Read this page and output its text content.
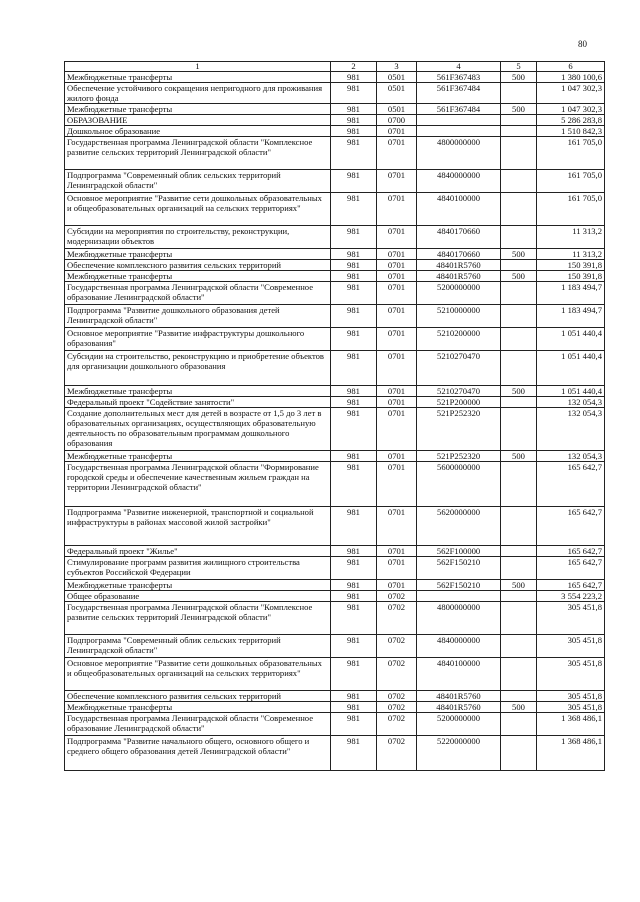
80
1	2	3	4	5	6
Межбюджетные трансферты	981	0501	561F367483	500	1 380 100,6
Обеспечение устойчивого сокращения непригодного для проживания жилого фонда	981	0501	561F367484		1 047 302,3
Межбюджетные трансферты	981	0501	561F367484	500	1 047 302,3
ОБРАЗОВАНИЕ	981	0700			5 286 283,8
Дошкольное образование	981	0701			1 510 842,3
Государственная программа Ленинградской области "Комплексное развитие сельских территорий Ленинградской области"	981	0701	4800000000		161 705,0
Подпрограмма "Современный облик сельских территорий Ленинградской области"	981	0701	4840000000		161 705,0
Основное мероприятие "Развитие сети дошкольных образовательных и общеобразовательных организаций на сельских территориях"	981	0701	4840100000		161 705,0
Субсидии на мероприятия по строительству, реконструкции, модернизации объектов	981	0701	4840170660		11 313,2
Межбюджетные трансферты	981	0701	4840170660	500	11 313,2
Обеспечение комплексного развития сельских территорий	981	0701	48401R5760		150 391,8
Межбюджетные трансферты	981	0701	48401R5760	500	150 391,8
Государственная программа Ленинградской области "Современное образование Ленинградской области"	981	0701	5200000000		1 183 494,7
Подпрограмма "Развитие дошкольного образования детей Ленинградской области"	981	0701	5210000000		1 183 494,7
Основное мероприятие "Развитие инфраструктуры дошкольного образования"	981	0701	5210200000		1 051 440,4
Субсидии на строительство, реконструкцию и приобретение объектов для организации дошкольного образования	981	0701	5210270470		1 051 440,4
Межбюджетные трансферты	981	0701	5210270470	500	1 051 440,4
Федеральный проект "Содействие занятости"	981	0701	521P200000		132 054,3
Создание дополнительных мест для детей в возрасте от 1,5 до 3 лет в образовательных организациях, осуществляющих образовательную деятельность по образовательным программам дошкольного образования	981	0701	521P252320		132 054,3
Межбюджетные трансферты	981	0701	521P252320	500	132 054,3
Государственная программа Ленинградской области "Формирование городской среды и обеспечение качественным жильем граждан на территории Ленинградской области"	981	0701	5600000000		165 642,7
Подпрограмма "Развитие инженерной, транспортной и социальной инфраструктуры в районах массовой жилой застройки"	981	0701	5620000000		165 642,7
Федеральный проект "Жилье"	981	0701	562F100000		165 642,7
Стимулирование программ развития жилищного строительства субъектов Российской Федерации	981	0701	562F150210		165 642,7
Межбюджетные трансферты	981	0701	562F150210	500	165 642,7
Общее образование	981	0702			3 554 223,2
Государственная программа Ленинградской области "Комплексное развитие сельских территорий Ленинградской области"	981	0702	4800000000		305 451,8
Подпрограмма "Современный облик сельских территорий Ленинградской области"	981	0702	4840000000		305 451,8
Основное мероприятие "Развитие сети дошкольных образовательных и общеобразовательных организаций на сельских территориях"	981	0702	4840100000		305 451,8
Обеспечение комплексного развития сельских территорий	981	0702	48401R5760		305 451,8
Межбюджетные трансферты	981	0702	48401R5760	500	305 451,8
Государственная программа Ленинградской области "Современное образование Ленинградской области"	981	0702	5200000000		1 368 486,1
Подпрограмма "Развитие начального общего, основного общего и среднего общего образования детей Ленинградской области"	981	0702	5220000000		1 368 486,1
